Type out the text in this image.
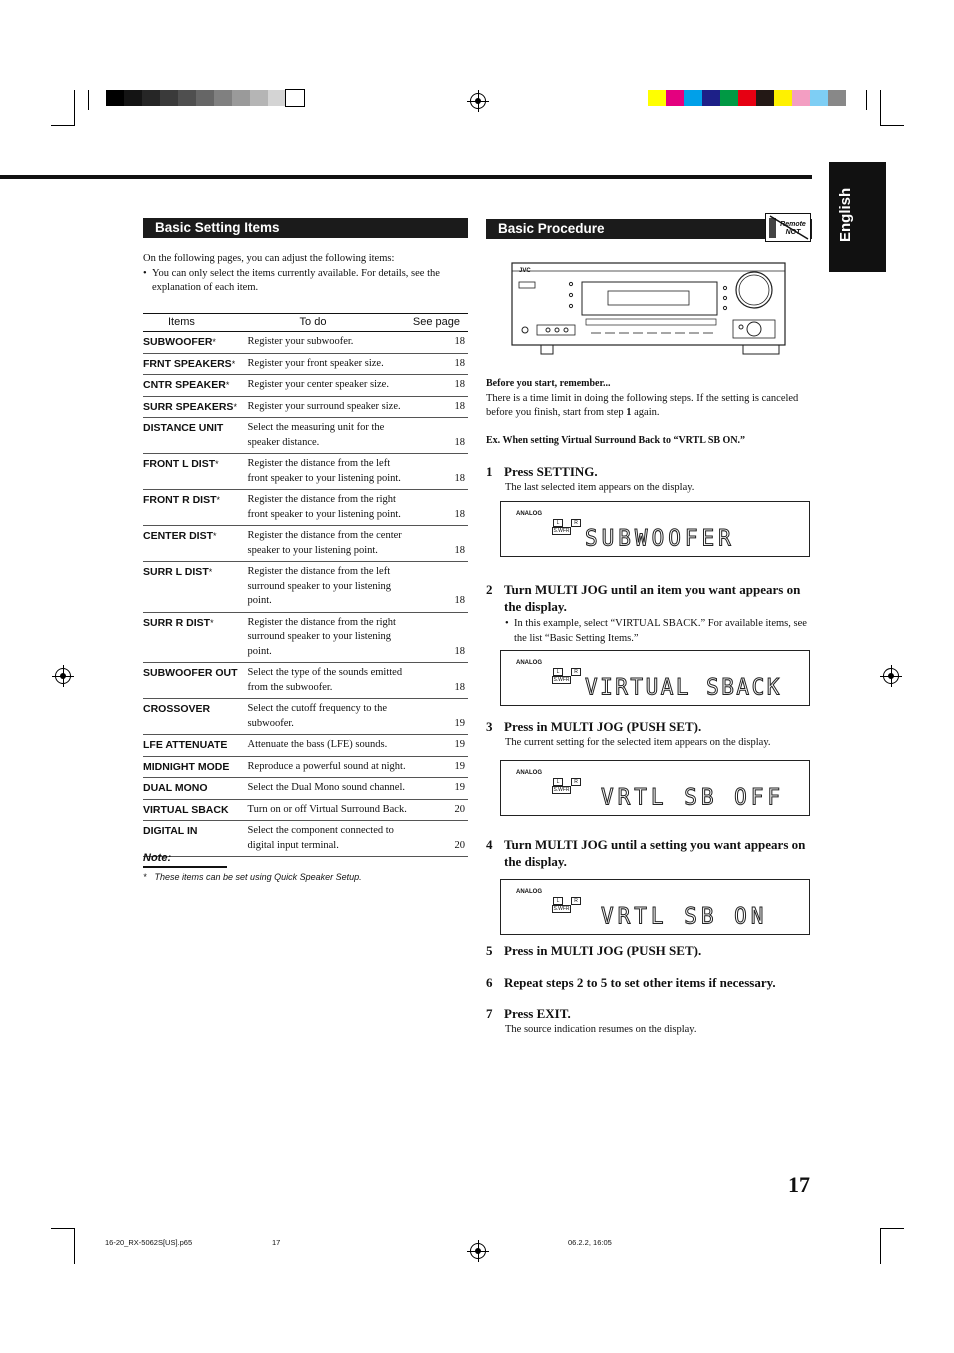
English
Basic Setting Items
On the following pages, you can adjust the following items:
• You can only select the items currently available. For details, see the explanation of each item.
Items	To do	See page
SUBWOOFER*	Register your subwoofer.	18
FRNT SPEAKERS*	Register your front speaker size.	18
CNTR SPEAKER*	Register your center speaker size.	18
SURR SPEAKERS*	Register your surround speaker size.	18
DISTANCE UNIT	Select the measuring unit for the speaker distance.	18
FRONT L DIST*	Register the distance from the left front speaker to your listening point.	18
FRONT R DIST*	Register the distance from the right front speaker to your listening point.	18
CENTER DIST*	Register the distance from the center speaker to your listening point.	18
SURR L DIST*	Register the distance from the left surround speaker to your listening point.	18
SURR R DIST*	Register the distance from the right surround speaker to your listening point.	18
SUBWOOFER OUT	Select the type of the sounds emitted from the subwoofer.	18
CROSSOVER	Select the cutoff frequency to the subwoofer.	19
LFE ATTENUATE	Attenuate the bass (LFE) sounds.	19
MIDNIGHT MODE	Reproduce a powerful sound at night.	19
DUAL MONO	Select the Dual Mono sound channel.	19
VIRTUAL SBACK	Turn on or off Virtual Surround Back.	20
DIGITAL IN	Select the component connected to digital input terminal.	20
Note:
* These items can be set using Quick Speaker Setup.
Basic Procedure	Remote NOT
JVC
Before you start, remember...
There is a time limit in doing the following steps. If the setting is canceled before you finish, start from step 1 again.
Ex. When setting Virtual Surround Back to “VRTL SB ON.”
1 Press SETTING.
The last selected item appears on the display.
ANALOG
L	R
S.WFR SUBWOOFER
2 Turn MULTI JOG until an item you want appears on the display.
• In this example, select “VIRTUAL SBACK.” For available items, see the list “Basic Setting Items.”
ANALOG
L	R
S.WFR VIRTUAL SBACK
3 Press in MULTI JOG (PUSH SET).
The current setting for the selected item appears on the display.
ANALOG
L	R
S.WFR VRTL SB OFF
4 Turn MULTI JOG until a setting you want appears on the display.
ANALOG
L	R
S.WFR VRTL SB ON
5 Press in MULTI JOG (PUSH SET).
6 Repeat steps 2 to 5 to set other items if necessary.
7 Press EXIT.
The source indication resumes on the display.
17
16-20_RX-5062S[US].p65	17	06.2.2, 16:05
